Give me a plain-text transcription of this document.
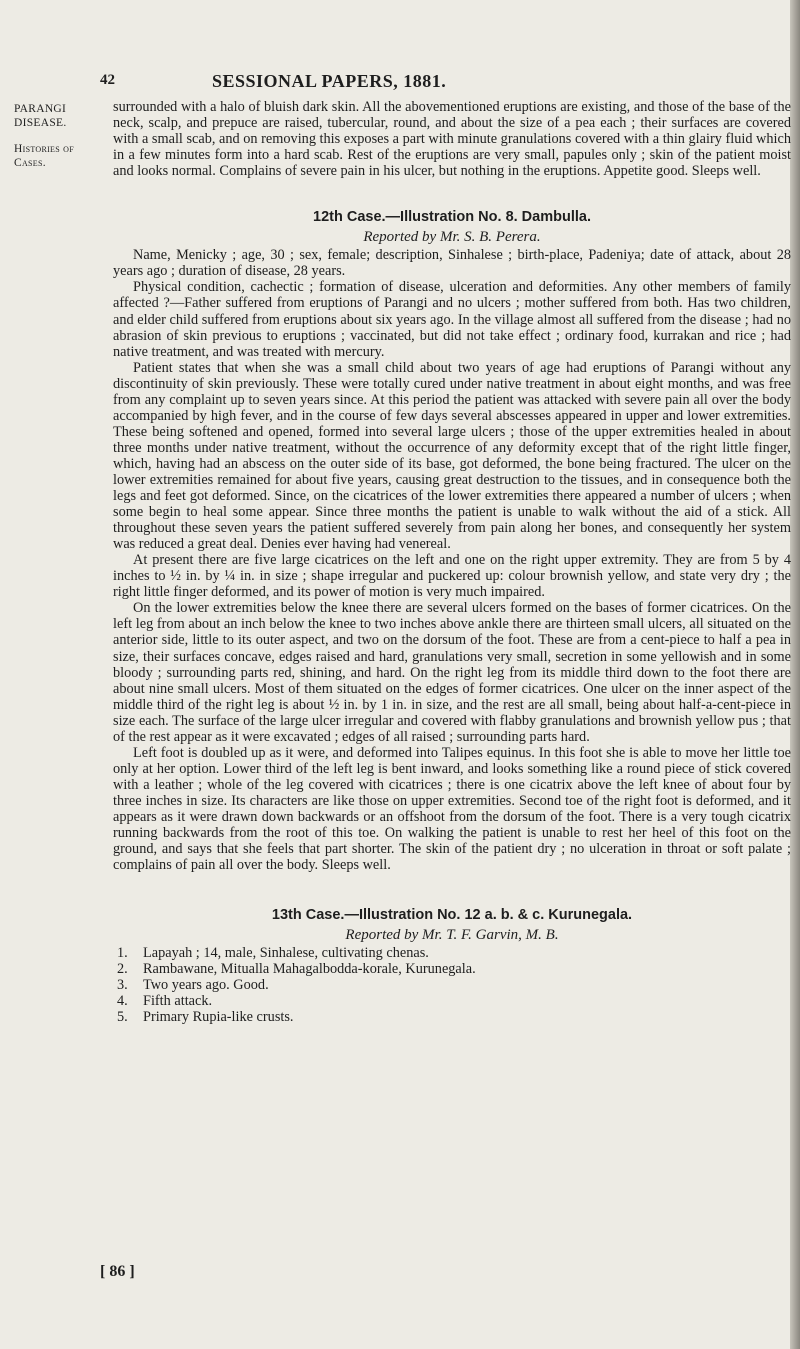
42	SESSIONAL PAPERS, 1881.
PARANGI DISEASE.
Histories of Cases.

surrounded with a halo of bluish dark skin. All the abovementioned eruptions are existing, and those of the base of the neck, scalp, and prepuce are raised, tubercular, round, and about the size of a pea each ; their surfaces are covered with a small scab, and on removing this exposes a part with minute granulations covered with a thin glairy fluid which in a few minutes form into a hard scab. Rest of the eruptions are very small, papules only ; skin of the patient moist and looks normal. Complains of severe pain in his ulcer, but nothing in the eruptions. Appetite good. Sleeps well.

12th Case.—Illustration No. 8. Dambulla.
Reported by Mr. S. B. Perera.

Name, Menicky ; age, 30 ; sex, female; description, Sinhalese ; birth-place, Padeniya; date of attack, about 28 years ago ; duration of disease, 28 years.

Physical condition, cachectic ; formation of disease, ulceration and deformities. Any other members of family affected ?—Father suffered from eruptions of Parangi and no ulcers ; mother suffered from both. Has two children, and elder child suffered from eruptions about six years ago. In the village almost all suffered from the disease ; had no abrasion of skin previous to eruptions ; vaccinated, but did not take effect ; ordinary food, kurrakan and rice ; had native treatment, and was treated with mercury.

Patient states that when she was a small child about two years of age had eruptions of Parangi without any discontinuity of skin previously. These were totally cured under native treatment in about eight months, and was free from any complaint up to seven years since. At this period the patient was attacked with severe pain all over the body accompanied by high fever, and in the course of few days several abscesses appeared in upper and lower extremities. These being softened and opened, formed into several large ulcers ; those of the upper extremities healed in about three months under native treatment, without the occurrence of any deformity except that of the right little finger, which, having had an abscess on the outer side of its base, got deformed, the bone being fractured. The ulcer on the lower extremities remained for about five years, causing great destruction to the tissues, and in consequence both the legs and feet got deformed. Since, on the cicatrices of the lower extremities there appeared a number of ulcers ; when some begin to heal some appear. Since three months the patient is unable to walk without the aid of a stick. All throughout these seven years the patient suffered severely from pain along her bones, and consequently her system was reduced a great deal. Denies ever having had venereal.

At present there are five large cicatrices on the left and one on the right upper extremity. They are from 5 by 4 inches to ½ in. by ¼ in. in size ; shape irregular and puckered up: colour brownish yellow, and state very dry ; the right little finger deformed, and its power of motion is very much impaired.

On the lower extremities below the knee there are several ulcers formed on the bases of former cicatrices. On the left leg from about an inch below the knee to two inches above ankle there are thirteen small ulcers, all situated on the anterior side, little to its outer aspect, and two on the dorsum of the foot. These are from a cent-piece to half a pea in size, their surfaces concave, edges raised and hard, granulations very small, secretion in some yellowish and in some bloody ; surrounding parts red, shining, and hard. On the right leg from its middle third down to the foot there are about nine small ulcers. Most of them situated on the edges of former cicatrices. One ulcer on the inner aspect of the middle third of the right leg is about ½ in. by 1 in. in size, and the rest are all small, being about half-a-cent-piece in size each. The surface of the large ulcer irregular and covered with flabby granulations and brownish yellow pus ; that of the rest appear as it were excavated ; edges of all raised ; surrounding parts hard.

Left foot is doubled up as it were, and deformed into Talipes equinus. In this foot she is able to move her little toe only at her option. Lower third of the left leg is bent inward, and looks something like a round piece of stick covered with a leather ; whole of the leg covered with cicatrices ; there is one cicatrix above the left knee of about four by three inches in size. Its characters are like those on upper extremities. Second toe of the right foot is deformed, and it appears as it were drawn down backwards or an offshoot from the dorsum of the foot. There is a very tough cicatrix running backwards from the root of this toe. On walking the patient is unable to rest her heel of this foot on the ground, and says that she feels that part shorter. The skin of the patient dry ; no ulceration in throat or soft palate ; complains of pain all over the body. Sleeps well.

13th Case.—Illustration No. 12 a. b. & c. Kurunegala.
Reported by Mr. T. F. Garvin, M. B.
1.	Lapayah ; 14, male, Sinhalese, cultivating chenas.
2.	Rambawane, Mitualla Mahagalbodda-korale, Kurunegala.
3.	Two years ago. Good.
4.	Fifth attack.
5.	Primary Rupia-like crusts.
[ 86 ]
